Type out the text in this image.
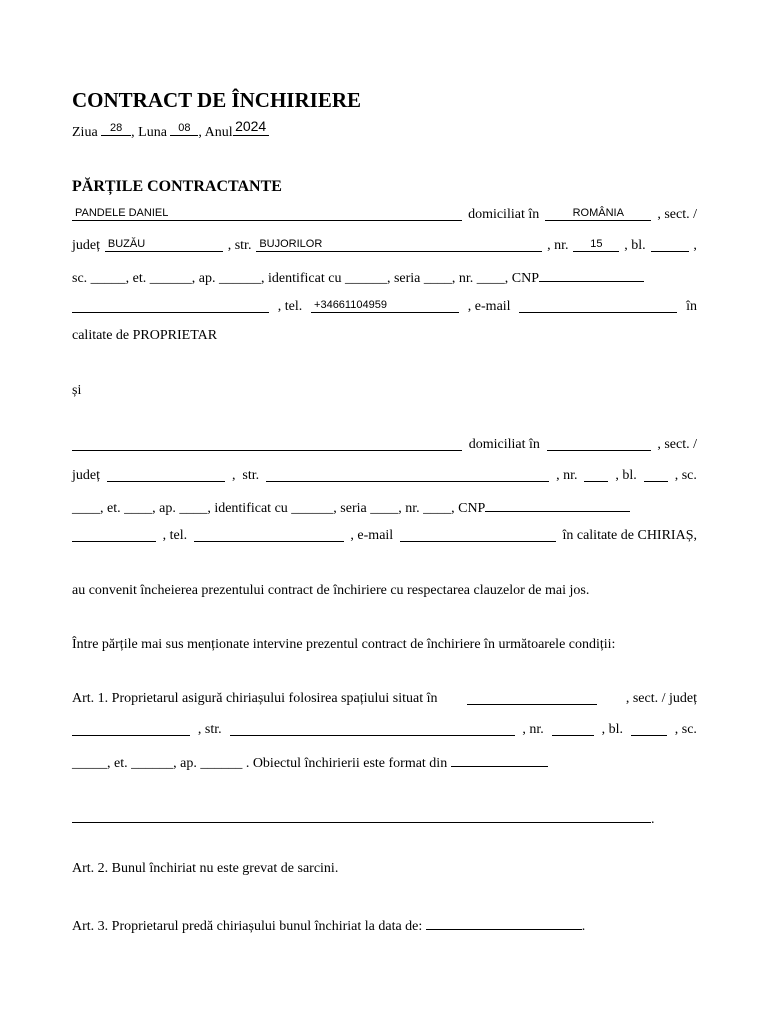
CONTRACT DE ÎNCHIRIERE
Ziua	28 , Luna	08 , Anul 2024
PĂRȚILE CONTRACTANTE
PANDELE DANIEL	domiciliat în	ROMÂNIA	, sect. /
județ BUZĂU	, str. BUJORILOR	, nr.	15	, bl.	,
sc. _____, et. ______, ap. ______, identificat cu ______, seria ____, nr. ____, CNP
, tel. +34661104959	, e-mail	în
calitate de PROPRIETAR
și
domiciliat în	, sect. /
județ	, str.	, nr.	, bl.	, sc.
____, et. ____, ap. ____, identificat cu ______, seria ____, nr. ____, CNP
, tel.	, e-mail	în calitate de CHIRIAȘ,
au convenit încheierea prezentului contract de închiriere cu respectarea clauzelor de mai jos.
Între părțile mai sus menționate intervine prezentul contract de închiriere în următoarele condiții:
Art. 1. Proprietarul asigură chiriașului folosirea spațiului situat în	, sect. / județ
, str.	, nr.	, bl.	, sc.
_____, et. ______, ap. ______ . Obiectul închirierii este format din
.
Art. 2. Bunul închiriat nu este grevat de sarcini.
Art. 3. Proprietarul predă chiriașului bunul închiriat la data de:	.
